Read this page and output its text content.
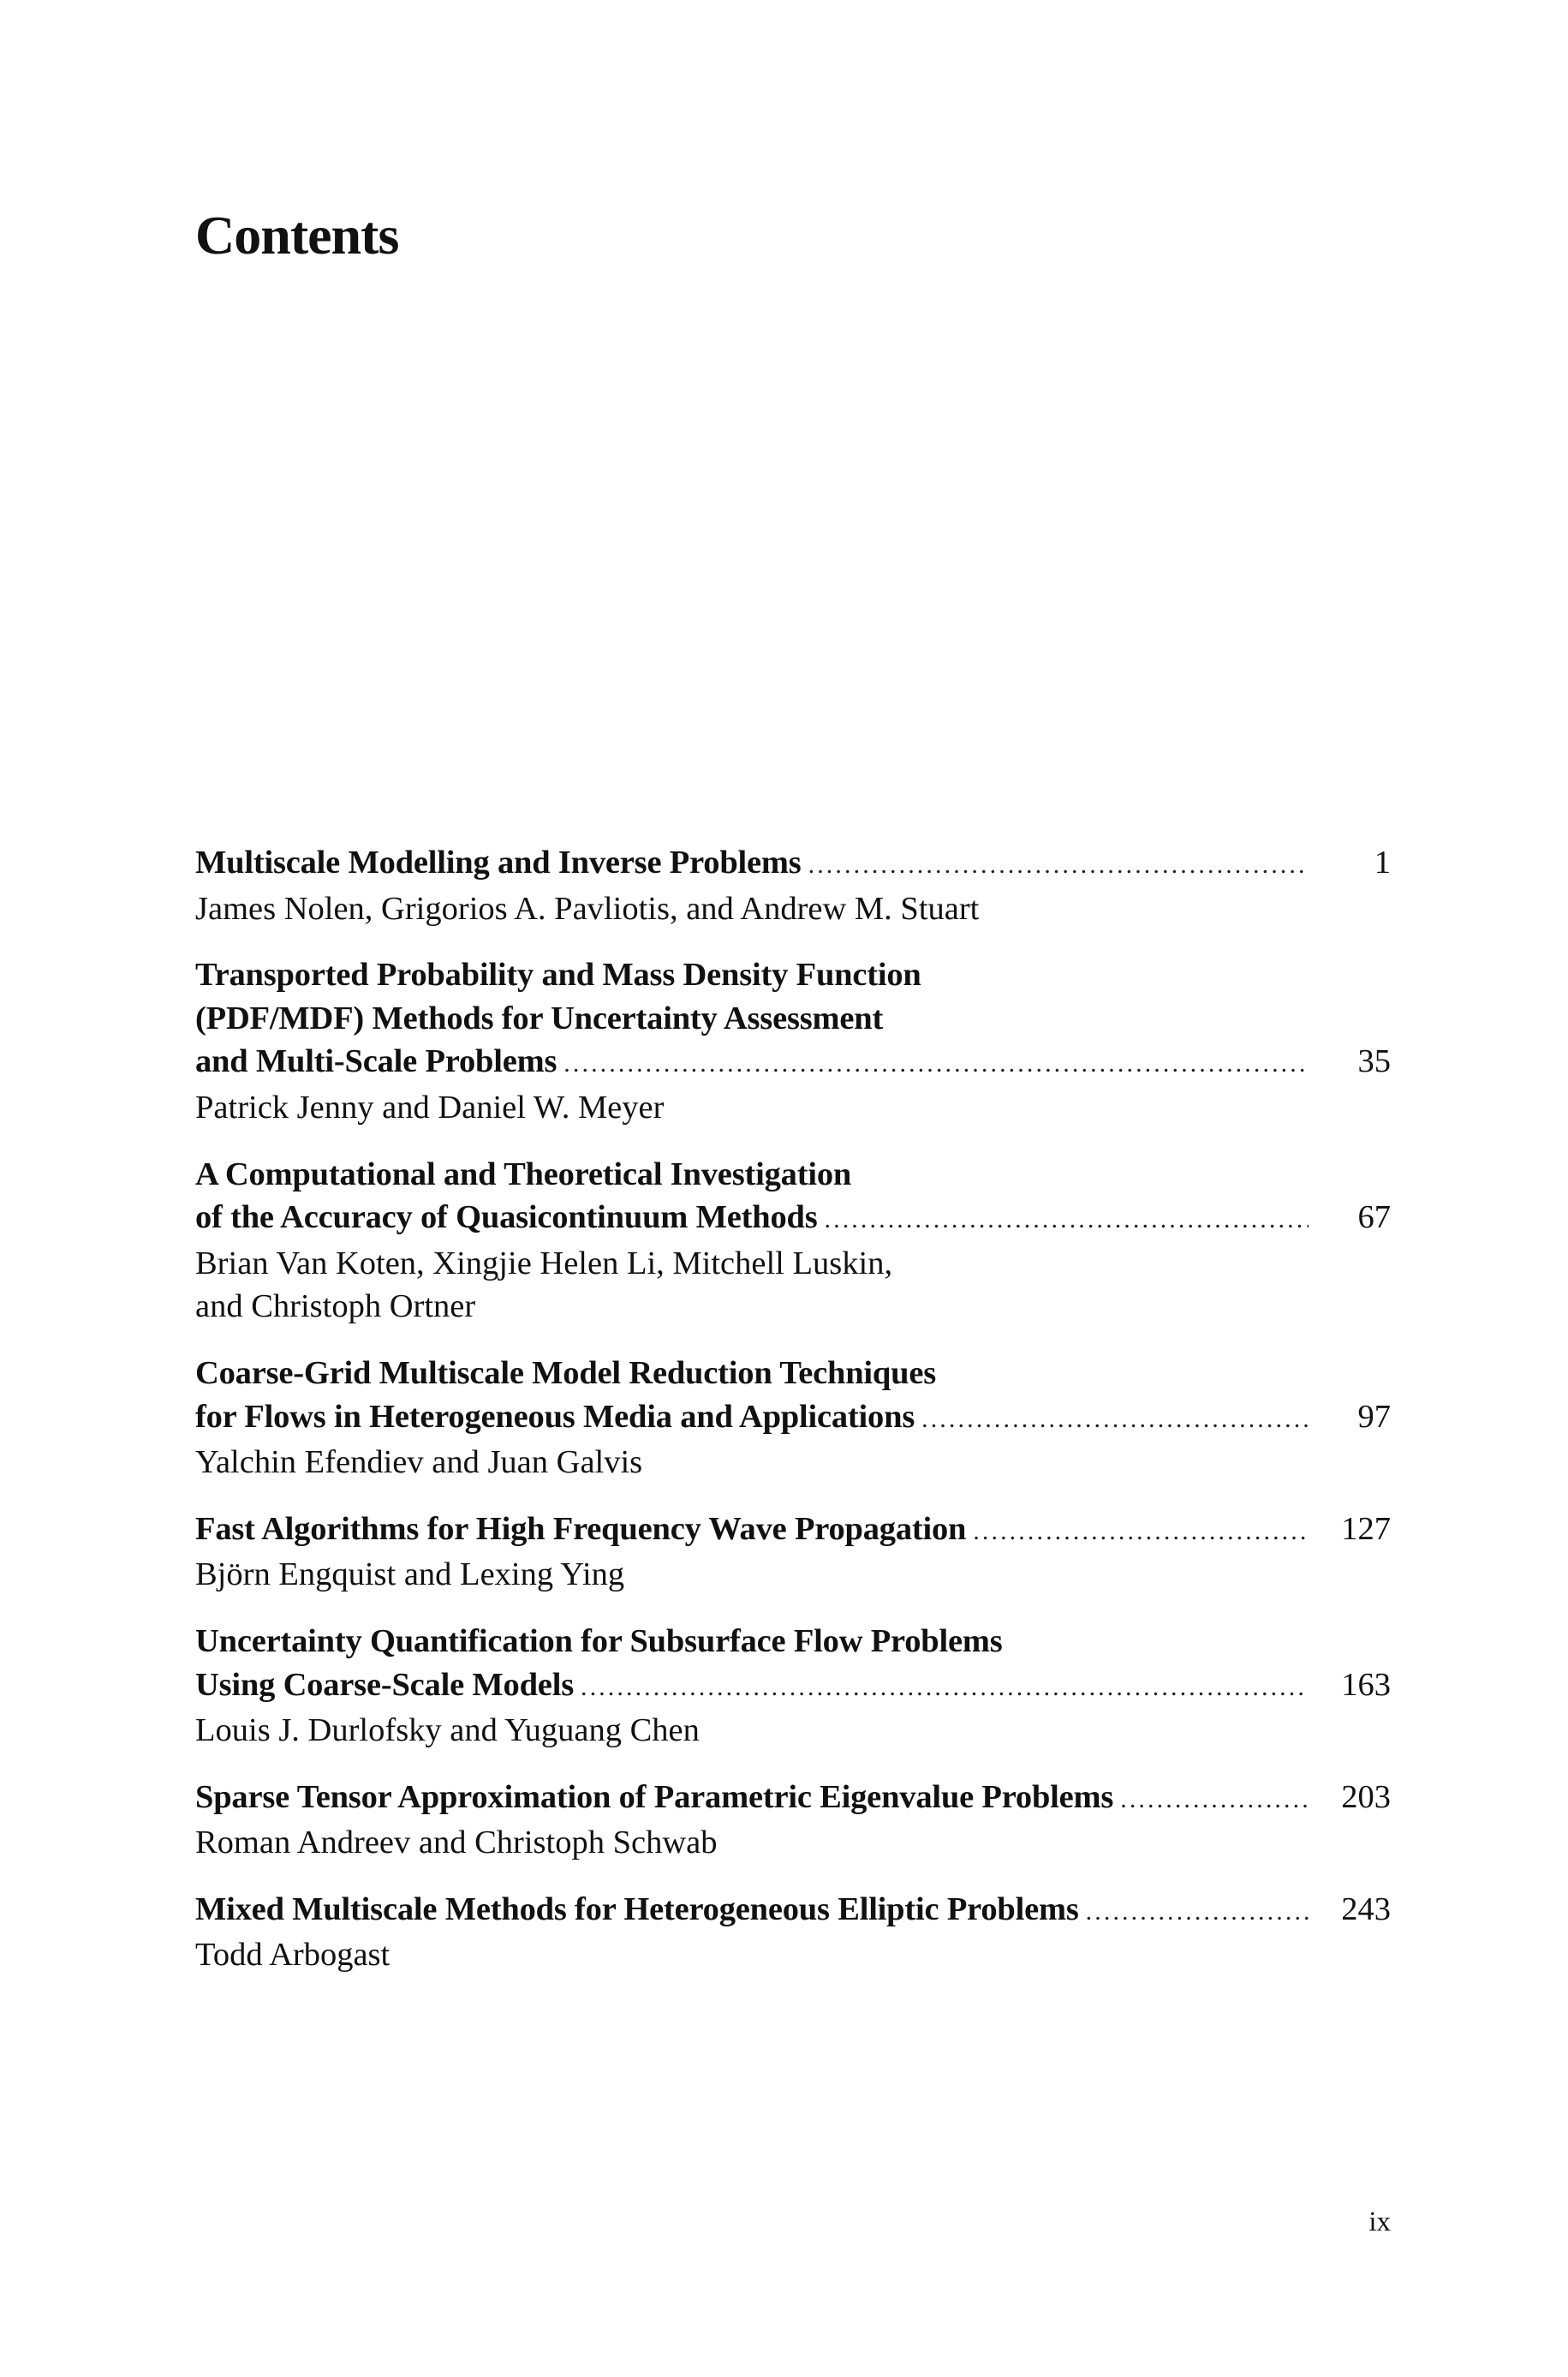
Contents
Multiscale Modelling and Inverse Problems . . .	1
James Nolen, Grigorios A. Pavliotis, and Andrew M. Stuart
Transported Probability and Mass Density Function
(PDF/MDF) Methods for Uncertainty Assessment
and Multi-Scale Problems . . .	35
Patrick Jenny and Daniel W. Meyer
A Computational and Theoretical Investigation
of the Accuracy of Quasicontinuum Methods . . .	67
Brian Van Koten, Xingjie Helen Li, Mitchell Luskin,
and Christoph Ortner
Coarse-Grid Multiscale Model Reduction Techniques
for Flows in Heterogeneous Media and Applications . . .	97
Yalchin Efendiev and Juan Galvis
Fast Algorithms for High Frequency Wave Propagation . . .	127
Björn Engquist and Lexing Ying
Uncertainty Quantification for Subsurface Flow Problems
Using Coarse-Scale Models . . .	163
Louis J. Durlofsky and Yuguang Chen
Sparse Tensor Approximation of Parametric Eigenvalue Problems . . .	203
Roman Andreev and Christoph Schwab
Mixed Multiscale Methods for Heterogeneous Elliptic Problems . . .	243
Todd Arbogast
ix
